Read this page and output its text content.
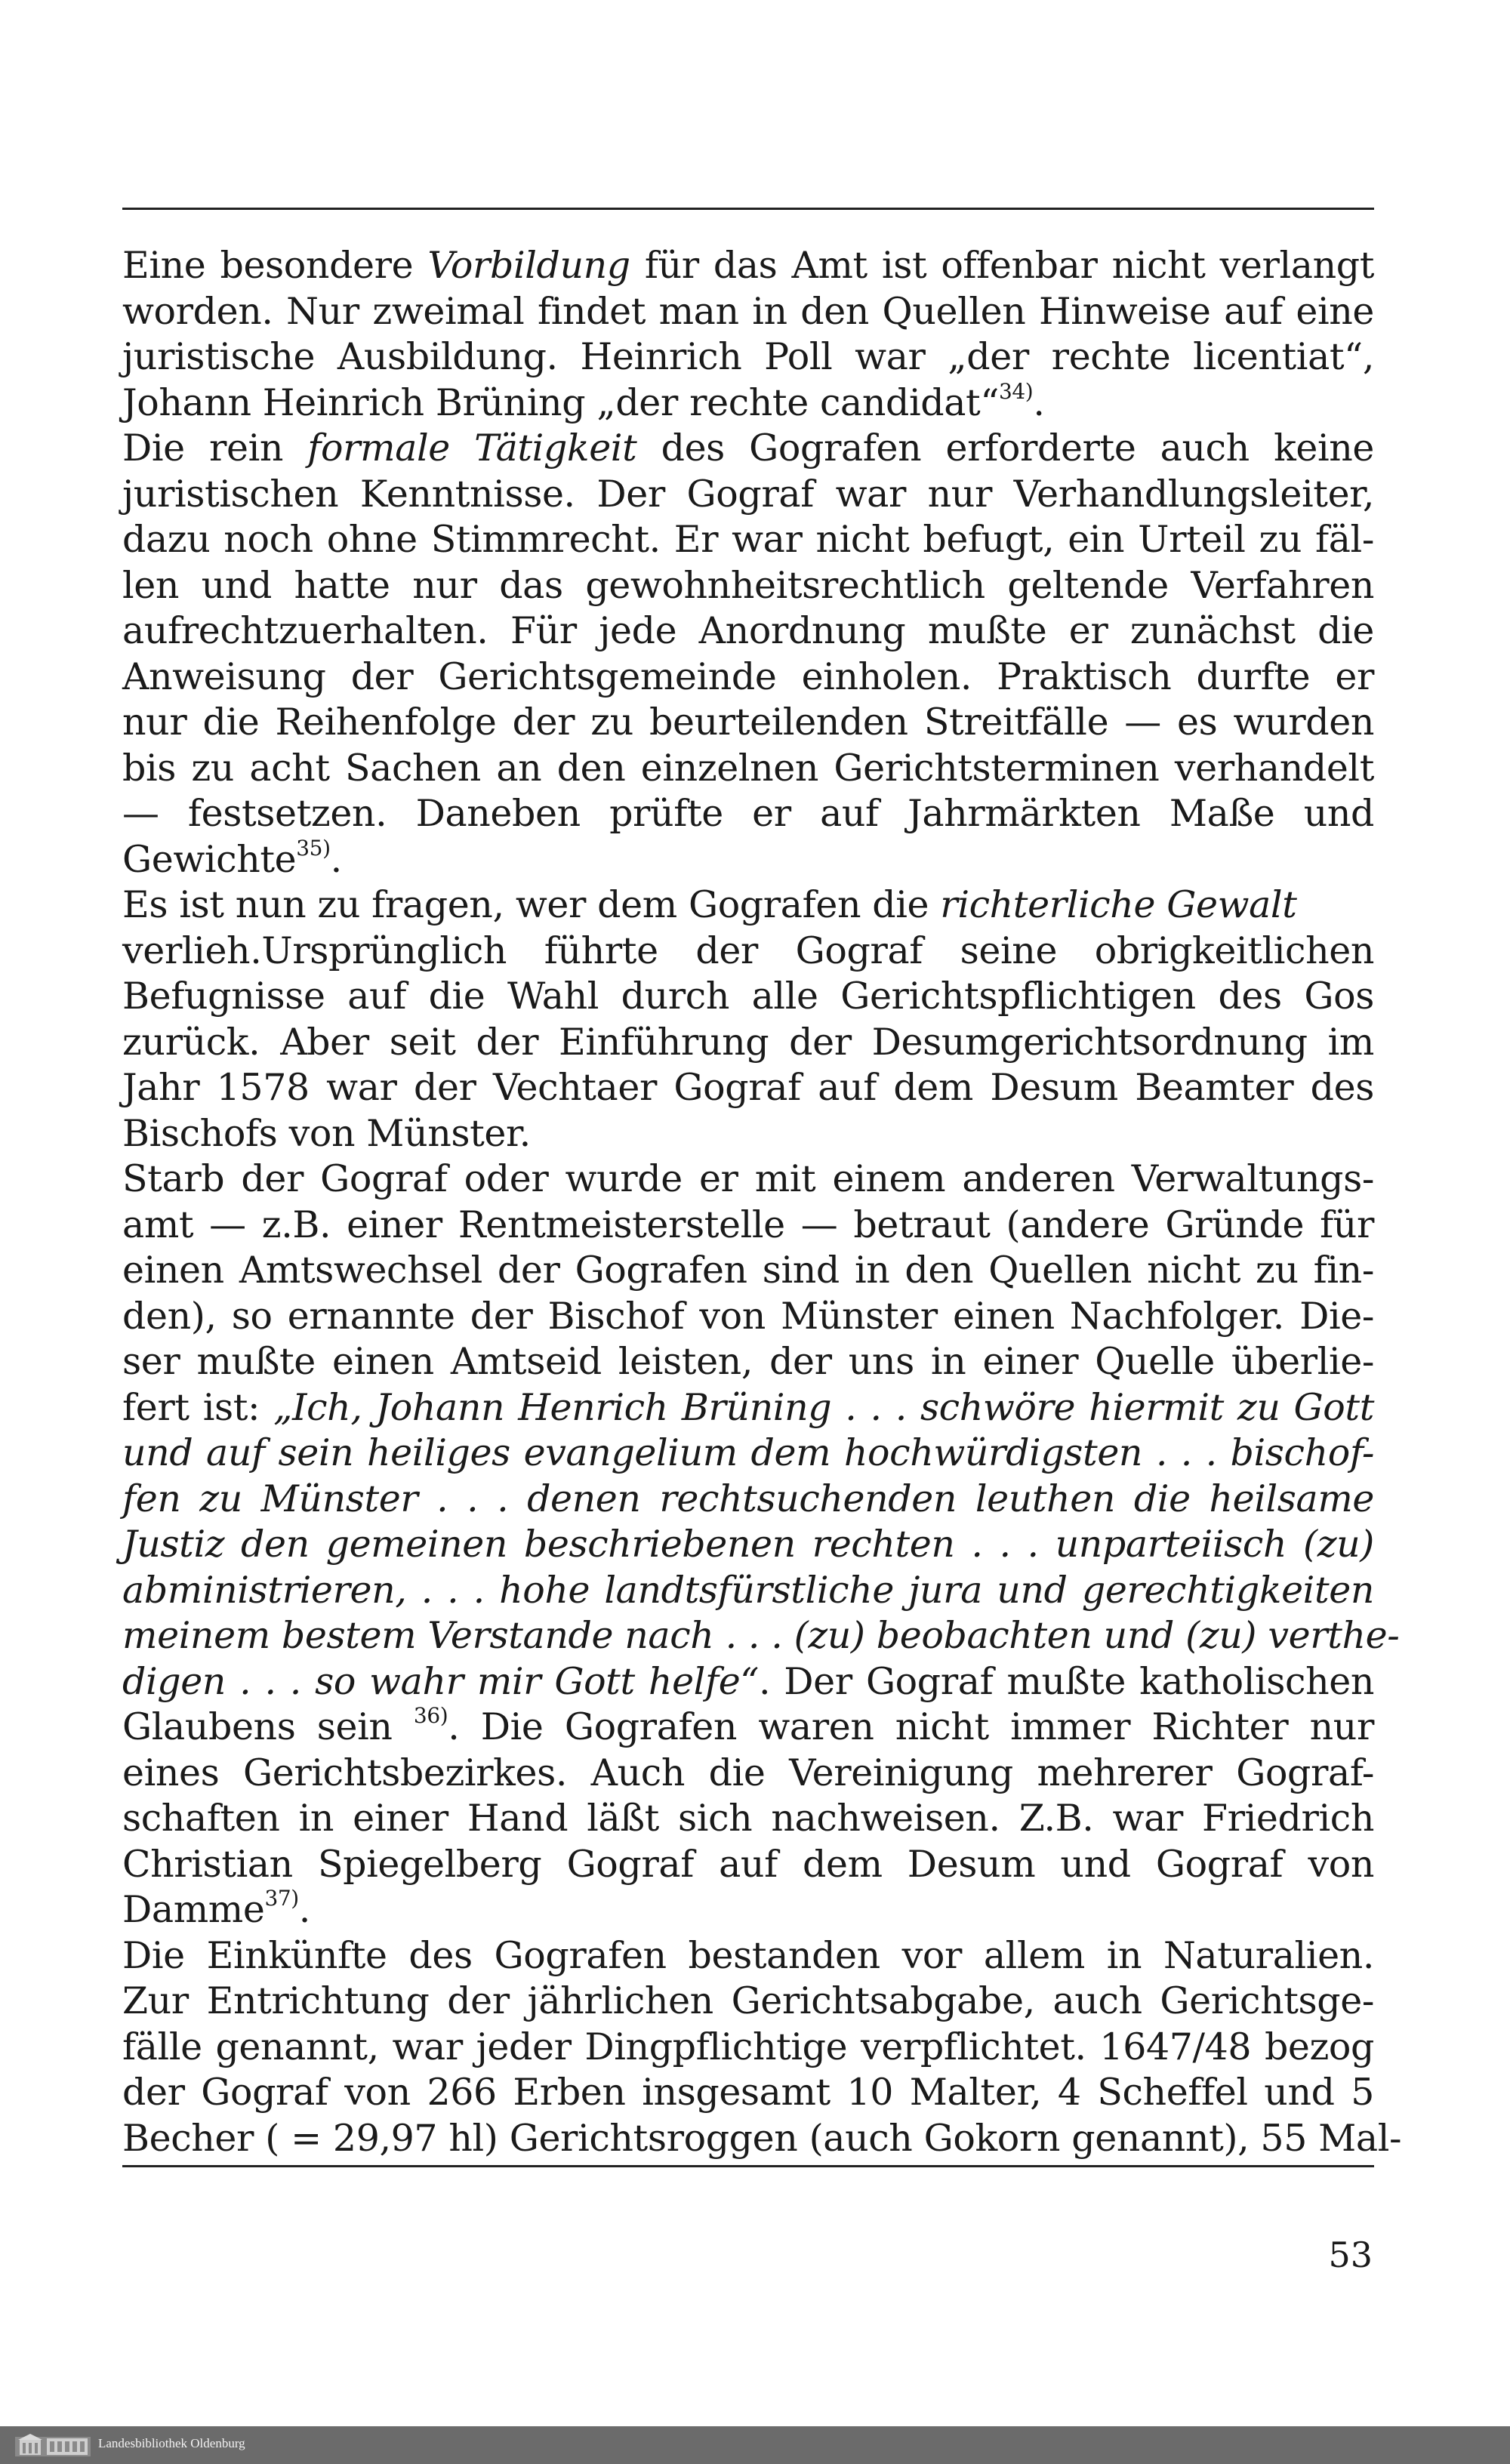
Eine besondere Vorbildung für das Amt ist offenbar nicht verlangt
worden. Nur zweimal findet man in den Quellen Hinweise auf eine
juristische Ausbildung. Heinrich Poll war „der rechte licentiat“,
Johann Heinrich Brüning „der rechte candidat“$^{34)}$.
Die rein formale Tätigkeit des Gografen erforderte auch keine
juristischen Kenntnisse. Der Gograf war nur Verhandlungsleiter,
dazu noch ohne Stimmrecht. Er war nicht befugt, ein Urteil zu fäl-
len und hatte nur das gewohnheitsrechtlich geltende Verfahren
aufrechtzuerhalten. Für jede Anordnung mußte er zunächst die
Anweisung der Gerichtsgemeinde einholen. Praktisch durfte er
nur die Reihenfolge der zu beurteilenden Streitfälle — es wurden
bis zu acht Sachen an den einzelnen Gerichtsterminen verhandelt
— festsetzen. Daneben prüfte er auf Jahrmärkten Maße und
Gewichte$^{35)}$.
Es ist nun zu fragen, wer dem Gografen die richterliche Gewalt
verlieh.Ursprünglich führte der Gograf seine obrigkeitlichen
Befugnisse auf die Wahl durch alle Gerichtspflichtigen des Gos
zurück. Aber seit der Einführung der Desumgerichtsordnung im
Jahr 1578 war der Vechtaer Gograf auf dem Desum Beamter des
Bischofs von Münster.
Starb der Gograf oder wurde er mit einem anderen Verwaltungs-
amt — z.B. einer Rentmeisterstelle — betraut (andere Gründe für
einen Amtswechsel der Gografen sind in den Quellen nicht zu fin-
den), so ernannte der Bischof von Münster einen Nachfolger. Die-
ser mußte einen Amtseid leisten, der uns in einer Quelle überlie-
fert ist: „Ich, Johann Henrich Brüning . . . schwöre hiermit zu Gott
und auf sein heiliges evangelium dem hochwürdigsten . . . bischof-
fen zu Münster . . . denen rechtsuchenden leuthen die heilsame
Justiz den gemeinen beschriebenen rechten . . . unparteiisch (zu)
abministrieren, . . . hohe landtsfürstliche jura und gerechtigkeiten
meinem bestem Verstande nach . . . (zu) beobachten und (zu) verthe-
digen . . . so wahr mir Gott helfe“. Der Gograf mußte katholischen
Glaubens sein $^{36)}$. Die Gografen waren nicht immer Richter nur
eines Gerichtsbezirkes. Auch die Vereinigung mehrerer Gograf-
schaften in einer Hand läßt sich nachweisen. Z.B. war Friedrich
Christian Spiegelberg Gograf auf dem Desum und Gograf von
Damme$^{37)}$.
Die Einkünfte des Gografen bestanden vor allem in Naturalien.
Zur Entrichtung der jährlichen Gerichtsabgabe, auch Gerichtsge-
fälle genannt, war jeder Dingpflichtige verpflichtet. 1647/48 bezog
der Gograf von 266 Erben insgesamt 10 Malter, 4 Scheffel und 5
Becher ( = 29,97 hl) Gerichtsroggen (auch Gokorn genannt), 55 Mal-
53
Landesbibliothek Oldenburg
